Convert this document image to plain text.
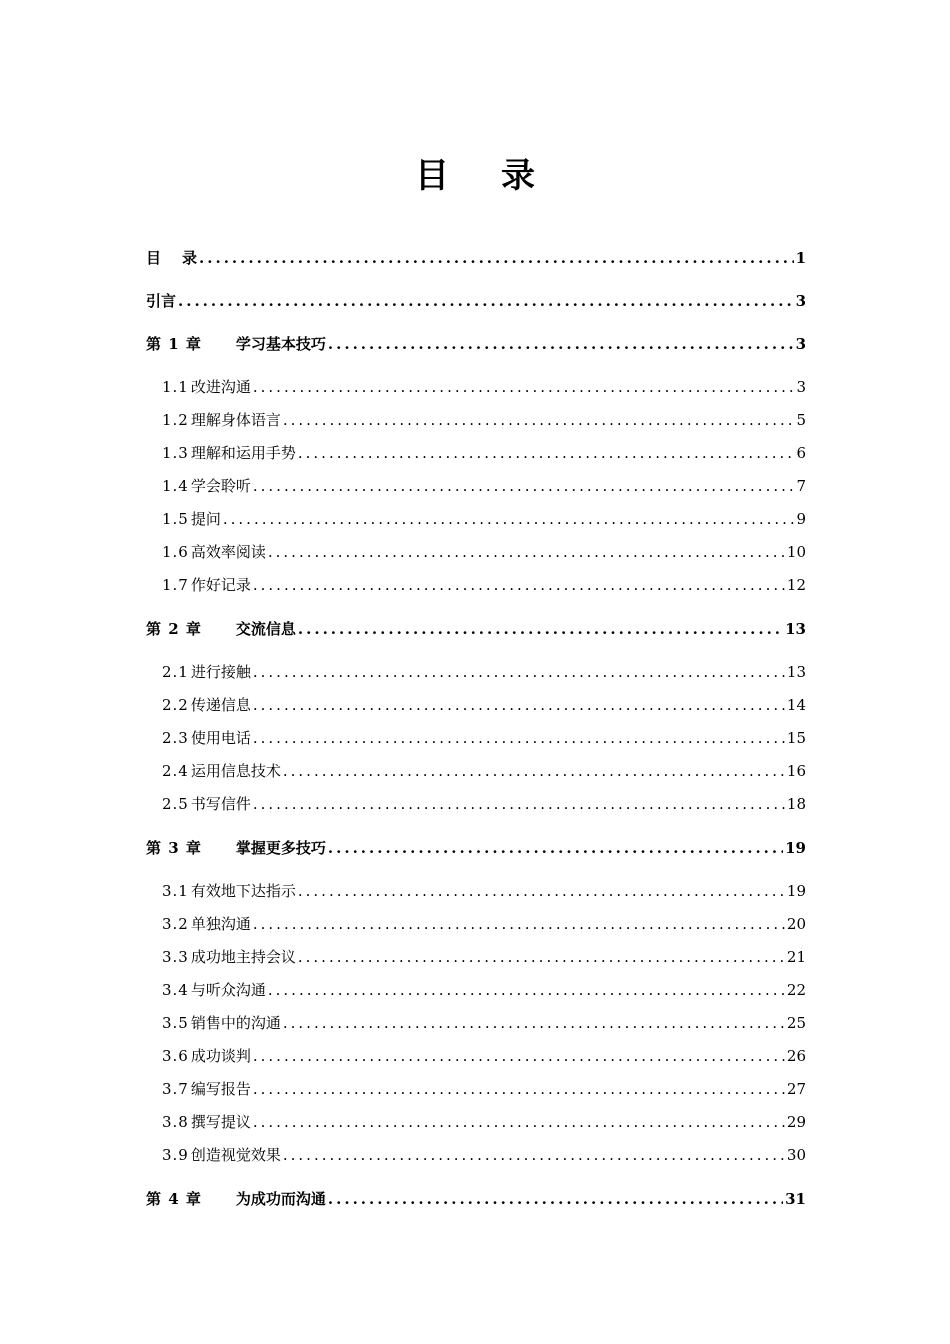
目录
目 录 .....	1
引言 .....	3
第 1 章 学习基本技巧 .....	3
1.1 改进沟通 .....	3
1.2 理解身体语言 .....	5
1.3 理解和运用手势 .....	6
1.4 学会聆听 .....	7
1.5 提问 .....	9
1.6 高效率阅读 .....	10
1.7 作好记录 .....	12
第 2 章 交流信息 .....	13
2.1 进行接触 .....	13
2.2 传递信息 .....	14
2.3 使用电话 .....	15
2.4 运用信息技术 .....	16
2.5 书写信件 .....	18
第 3 章 掌握更多技巧 .....	19
3.1 有效地下达指示 .....	19
3.2 单独沟通 .....	20
3.3 成功地主持会议 .....	21
3.4 与听众沟通 .....	22
3.5 销售中的沟通 .....	25
3.6 成功谈判 .....	26
3.7 编写报告 .....	27
3.8 撰写提议 .....	29
3.9 创造视觉效果 .....	30
第 4 章 为成功而沟通 .....	31
